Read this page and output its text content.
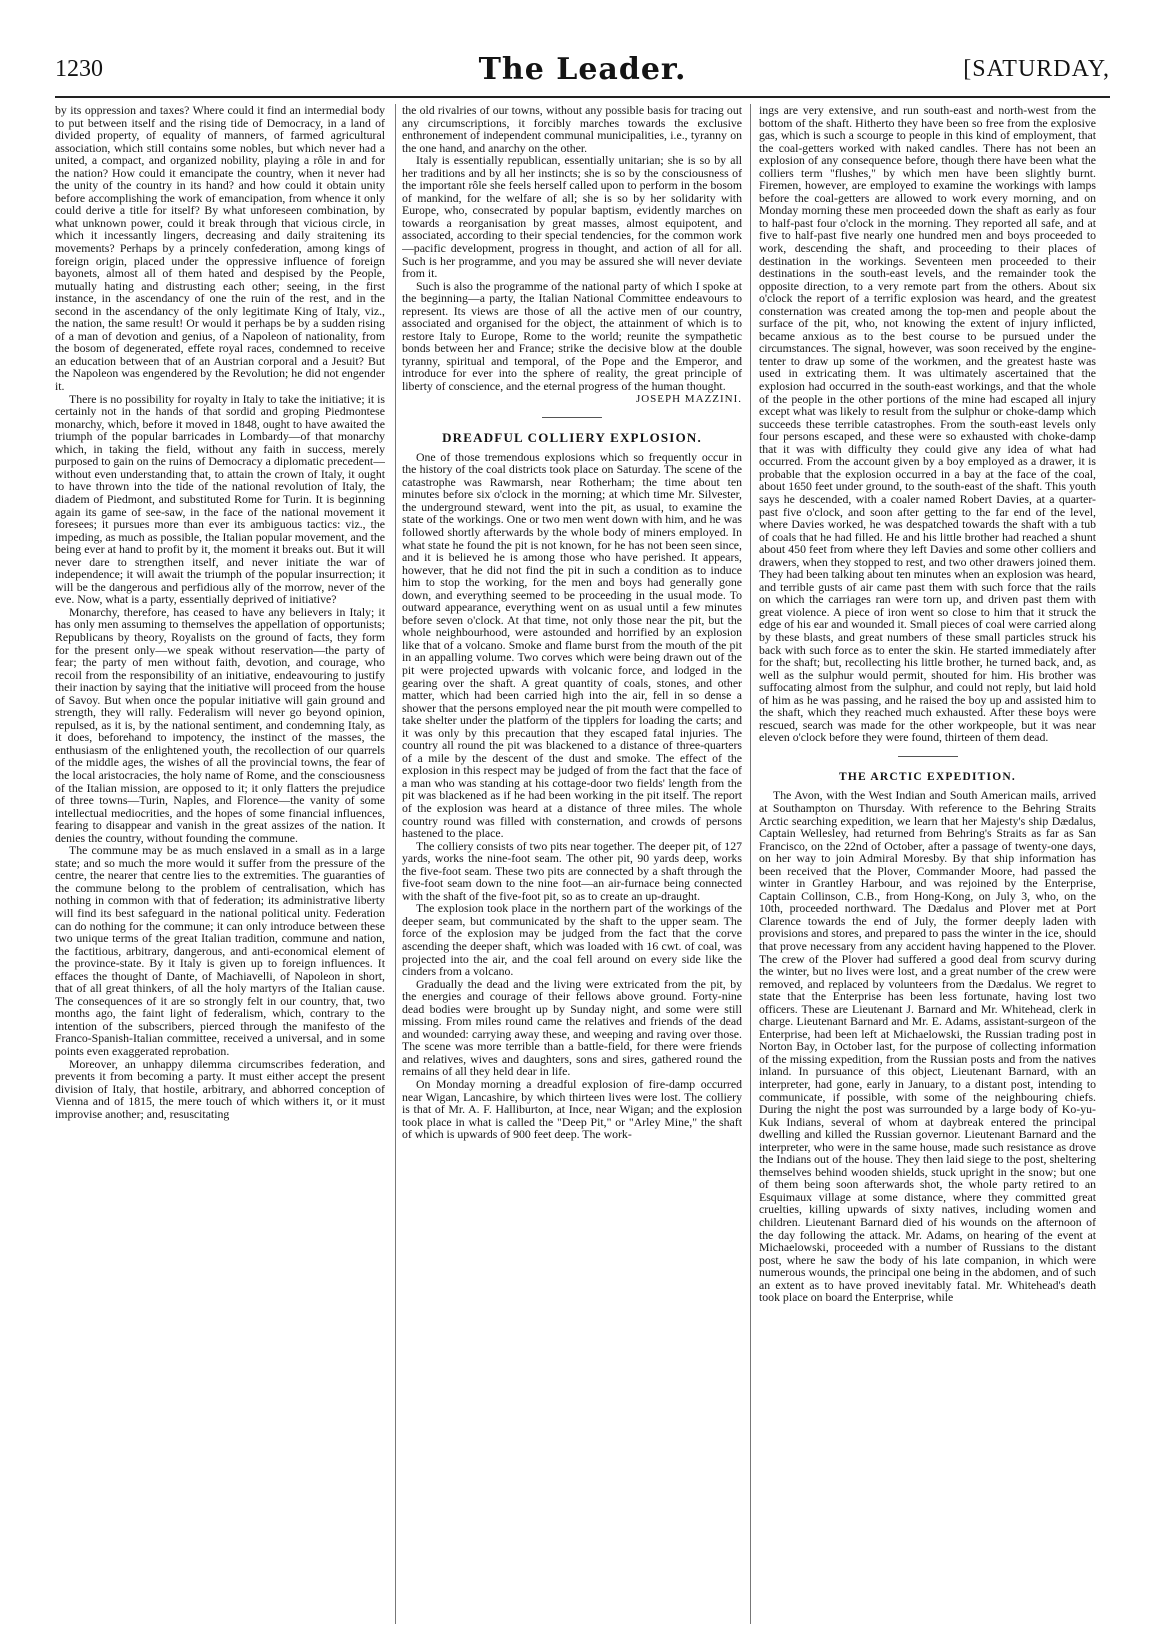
1230	The Leader.	[SATURDAY,

by its oppression and taxes? Where could it find an intermedial body to put between itself and the rising tide of Democracy, in a land of divided property, of equality of manners, of farmed agricultural association, which still contains some nobles, but which never had a united, a compact, and organized nobility, playing a rôle in and for the nation? How could it emancipate the country, when it never had the unity of the country in its hand? and how could it obtain unity before accomplishing the work of emancipation, from whence it only could derive a title for itself? By what unforeseen combination, by what unknown power, could it break through that vicious circle, in which it incessantly lingers, decreasing and daily straitening its movements? Perhaps by a princely confederation, among kings of foreign origin, placed under the oppressive influence of foreign bayonets, almost all of them hated and despised by the People, mutually hating and distrusting each other; seeing, in the first instance, in the ascendancy of one the ruin of the rest, and in the second in the ascendancy of the only legitimate King of Italy, viz., the nation, the same result! Or would it perhaps be by a sudden rising of a man of devotion and genius, of a Napoleon of nationality, from the bosom of degenerated, effete royal races, condemned to receive an education between that of an Austrian corporal and a Jesuit? But the Napoleon was engendered by the Revolution; he did not engender it.

There is no possibility for royalty in Italy to take the initiative; it is certainly not in the hands of that sordid and groping Piedmontese monarchy, which, before it moved in 1848, ought to have awaited the triumph of the popular barricades in Lombardy—of that monarchy which, in taking the field, without any faith in success, merely purposed to gain on the ruins of Democracy a diplomatic precedent—without even understanding that, to attain the crown of Italy, it ought to have thrown into the tide of the national revolution of Italy, the diadem of Piedmont, and substituted Rome for Turin. It is beginning again its game of see-saw, in the face of the national movement it foresees; it pursues more than ever its ambiguous tactics: viz., the impeding, as much as possible, the Italian popular movement, and the being ever at hand to profit by it, the moment it breaks out. But it will never dare to strengthen itself, and never initiate the war of independence; it will await the triumph of the popular insurrection; it will be the dangerous and perfidious ally of the morrow, never of the eve. Now, what is a party, essentially deprived of initiative?

Monarchy, therefore, has ceased to have any believers in Italy; it has only men assuming to themselves the appellation of opportunists; Republicans by theory, Royalists on the ground of facts, they form for the present only—we speak without reservation—the party of fear; the party of men without faith, devotion, and courage, who recoil from the responsibility of an initiative, endeavouring to justify their inaction by saying that the initiative will proceed from the house of Savoy. But when once the popular initiative will gain ground and strength, they will rally. Federalism will never go beyond opinion, repulsed, as it is, by the national sentiment, and condemning Italy, as it does, beforehand to impotency, the instinct of the masses, the enthusiasm of the enlightened youth, the recollection of our quarrels of the middle ages, the wishes of all the provincial towns, the fear of the local aristocracies, the holy name of Rome, and the consciousness of the Italian mission, are opposed to it; it only flatters the prejudice of three towns—Turin, Naples, and Florence—the vanity of some intellectual mediocrities, and the hopes of some financial influences, fearing to disappear and vanish in the great assizes of the nation. It denies the country, without founding the commune.

The commune may be as much enslaved in a small as in a large state; and so much the more would it suffer from the pressure of the centre, the nearer that centre lies to the extremities. The guaranties of the commune belong to the problem of centralisation, which has nothing in common with that of federation; its administrative liberty will find its best safeguard in the national political unity. Federation can do nothing for the commune; it can only introduce between these two unique terms of the great Italian tradition, commune and nation, the factitious, arbitrary, dangerous, and anti-economical element of the province-state. By it Italy is given up to foreign influences. It effaces the thought of Dante, of Machiavelli, of Napoleon in short, that of all great thinkers, of all the holy martyrs of the Italian cause. The consequences of it are so strongly felt in our country, that, two months ago, the faint light of federalism, which, contrary to the intention of the subscribers, pierced through the manifesto of the Franco-Spanish-Italian committee, received a universal, and in some points even exaggerated reprobation.

Moreover, an unhappy dilemma circumscribes federation, and prevents it from becoming a party. It must either accept the present division of Italy, that hostile, arbitrary, and abhorred conception of Vienna and of 1815, the mere touch of which withers it, or it must improvise another; and, resuscitating

the old rivalries of our towns, without any possible basis for tracing out any circumscriptions, it forcibly marches towards the exclusive enthronement of independent communal municipalities, i.e., tyranny on the one hand, and anarchy on the other.

Italy is essentially republican, essentially unitarian; she is so by all her traditions and by all her instincts; she is so by the consciousness of the important rôle she feels herself called upon to perform in the bosom of mankind, for the welfare of all; she is so by her solidarity with Europe, who, consecrated by popular baptism, evidently marches on towards a reorganisation by great masses, almost equipotent, and associated, according to their special tendencies, for the common work—pacific development, progress in thought, and action of all for all. Such is her programme, and you may be assured she will never deviate from it.

Such is also the programme of the national party of which I spoke at the beginning—a party, the Italian National Committee endeavours to represent. Its views are those of all the active men of our country, associated and organised for the object, the attainment of which is to restore Italy to Europe, Rome to the world; reunite the sympathetic bonds between her and France; strike the decisive blow at the double tyranny, spiritual and temporal, of the Pope and the Emperor, and introduce for ever into the sphere of reality, the great principle of liberty of conscience, and the eternal progress of the human thought.

JOSEPH MAZZINI.

DREADFUL COLLIERY EXPLOSION.

One of those tremendous explosions which so frequently occur in the history of the coal districts took place on Saturday. The scene of the catastrophe was Rawmarsh, near Rotherham; the time about ten minutes before six o'clock in the morning; at which time Mr. Silvester, the underground steward, went into the pit, as usual, to examine the state of the workings. One or two men went down with him, and he was followed shortly afterwards by the whole body of miners employed. In what state he found the pit is not known, for he has not been seen since, and it is believed he is among those who have perished. It appears, however, that he did not find the pit in such a condition as to induce him to stop the working, for the men and boys had generally gone down, and everything seemed to be proceeding in the usual mode. To outward appearance, everything went on as usual until a few minutes before seven o'clock. At that time, not only those near the pit, but the whole neighbourhood, were astounded and horrified by an explosion like that of a volcano. Smoke and flame burst from the mouth of the pit in an appalling volume. Two corves which were being drawn out of the pit were projected upwards with volcanic force, and lodged in the gearing over the shaft. A great quantity of coals, stones, and other matter, which had been carried high into the air, fell in so dense a shower that the persons employed near the pit mouth were compelled to take shelter under the platform of the tipplers for loading the carts; and it was only by this precaution that they escaped fatal injuries. The country all round the pit was blackened to a distance of three-quarters of a mile by the descent of the dust and smoke. The effect of the explosion in this respect may be judged of from the fact that the face of a man who was standing at his cottage-door two fields' length from the pit was blackened as if he had been working in the pit itself. The report of the explosion was heard at a distance of three miles. The whole country round was filled with consternation, and crowds of persons hastened to the place.

The colliery consists of two pits near together. The deeper pit, of 127 yards, works the nine-foot seam. The other pit, 90 yards deep, works the five-foot seam. These two pits are connected by a shaft through the five-foot seam down to the nine foot—an air-furnace being connected with the shaft of the five-foot pit, so as to create an up-draught.

The explosion took place in the northern part of the workings of the deeper seam, but communicated by the shaft to the upper seam. The force of the explosion may be judged from the fact that the corve ascending the deeper shaft, which was loaded with 16 cwt. of coal, was projected into the air, and the coal fell around on every side like the cinders from a volcano.

Gradually the dead and the living were extricated from the pit, by the energies and courage of their fellows above ground. Forty-nine dead bodies were brought up by Sunday night, and some were still missing. From miles round came the relatives and friends of the dead and wounded: carrying away these, and weeping and raving over those. The scene was more terrible than a battle-field, for there were friends and relatives, wives and daughters, sons and sires, gathered round the remains of all they held dear in life.

On Monday morning a dreadful explosion of fire-damp occurred near Wigan, Lancashire, by which thirteen lives were lost. The colliery is that of Mr. A. F. Halliburton, at Ince, near Wigan; and the explosion took place in what is called the "Deep Pit," or "Arley Mine," the shaft of which is upwards of 900 feet deep. The work-

ings are very extensive, and run south-east and north-west from the bottom of the shaft. Hitherto they have been so free from the explosive gas, which is such a scourge to people in this kind of employment, that the coal-getters worked with naked candles. There has not been an explosion of any consequence before, though there have been what the colliers term "flushes," by which men have been slightly burnt. Firemen, however, are employed to examine the workings with lamps before the coal-getters are allowed to work every morning, and on Monday morning these men proceeded down the shaft as early as four to half-past four o'clock in the morning. They reported all safe, and at five to half-past five nearly one hundred men and boys proceeded to work, descending the shaft, and proceeding to their places of destination in the workings. Seventeen men proceeded to their destinations in the south-east levels, and the remainder took the opposite direction, to a very remote part from the others. About six o'clock the report of a terrific explosion was heard, and the greatest consternation was created among the top-men and people about the surface of the pit, who, not knowing the extent of injury inflicted, became anxious as to the best course to be pursued under the circumstances. The signal, however, was soon received by the engine-tenter to draw up some of the workmen, and the greatest haste was used in extricating them. It was ultimately ascertained that the explosion had occurred in the south-east workings, and that the whole of the people in the other portions of the mine had escaped all injury except what was likely to result from the sulphur or choke-damp which succeeds these terrible catastrophes. From the south-east levels only four persons escaped, and these were so exhausted with choke-damp that it was with difficulty they could give any idea of what had occurred. From the account given by a boy employed as a drawer, it is probable that the explosion occurred in a bay at the face of the coal, about 1650 feet under ground, to the south-east of the shaft. This youth says he descended, with a coaler named Robert Davies, at a quarter-past five o'clock, and soon after getting to the far end of the level, where Davies worked, he was despatched towards the shaft with a tub of coals that he had filled. He and his little brother had reached a shunt about 450 feet from where they left Davies and some other colliers and drawers, when they stopped to rest, and two other drawers joined them. They had been talking about ten minutes when an explosion was heard, and terrible gusts of air came past them with such force that the rails on which the carriages ran were torn up, and driven past them with great violence. A piece of iron went so close to him that it struck the edge of his ear and wounded it. Small pieces of coal were carried along by these blasts, and great numbers of these small particles struck his back with such force as to enter the skin. He started immediately after for the shaft; but, recollecting his little brother, he turned back, and, as well as the sulphur would permit, shouted for him. His brother was suffocating almost from the sulphur, and could not reply, but laid hold of him as he was passing, and he raised the boy up and assisted him to the shaft, which they reached much exhausted. After these boys were rescued, search was made for the other workpeople, but it was near eleven o'clock before they were found, thirteen of them dead.

THE ARCTIC EXPEDITION.

The Avon, with the West Indian and South American mails, arrived at Southampton on Thursday. With reference to the Behring Straits Arctic searching expedition, we learn that her Majesty's ship Dædalus, Captain Wellesley, had returned from Behring's Straits as far as San Francisco, on the 22nd of October, after a passage of twenty-one days, on her way to join Admiral Moresby. By that ship information has been received that the Plover, Commander Moore, had passed the winter in Grantley Harbour, and was rejoined by the Enterprise, Captain Collinson, C.B., from Hong-Kong, on July 3, who, on the 10th, proceeded northward. The Dædalus and Plover met at Port Clarence towards the end of July, the former deeply laden with provisions and stores, and prepared to pass the winter in the ice, should that prove necessary from any accident having happened to the Plover. The crew of the Plover had suffered a good deal from scurvy during the winter, but no lives were lost, and a great number of the crew were removed, and replaced by volunteers from the Dædalus. We regret to state that the Enterprise has been less fortunate, having lost two officers. These are Lieutenant J. Barnard and Mr. Whitehead, clerk in charge. Lieutenant Barnard and Mr. E. Adams, assistant-surgeon of the Enterprise, had been left at Michaelowski, the Russian trading post in Norton Bay, in October last, for the purpose of collecting information of the missing expedition, from the Russian posts and from the natives inland. In pursuance of this object, Lieutenant Barnard, with an interpreter, had gone, early in January, to a distant post, intending to communicate, if possible, with some of the neighbouring chiefs. During the night the post was surrounded by a large body of Ko-yu-Kuk Indians, several of whom at daybreak entered the principal dwelling and killed the Russian governor. Lieutenant Barnard and the interpreter, who were in the same house, made such resistance as drove the Indians out of the house. They then laid siege to the post, sheltering themselves behind wooden shields, stuck upright in the snow; but one of them being soon afterwards shot, the whole party retired to an Esquimaux village at some distance, where they committed great cruelties, killing upwards of sixty natives, including women and children. Lieutenant Barnard died of his wounds on the afternoon of the day following the attack. Mr. Adams, on hearing of the event at Michaelowski, proceeded with a number of Russians to the distant post, where he saw the body of his late companion, in which were numerous wounds, the principal one being in the abdomen, and of such an extent as to have proved inevitably fatal. Mr. Whitehead's death took place on board the Enterprise, while
